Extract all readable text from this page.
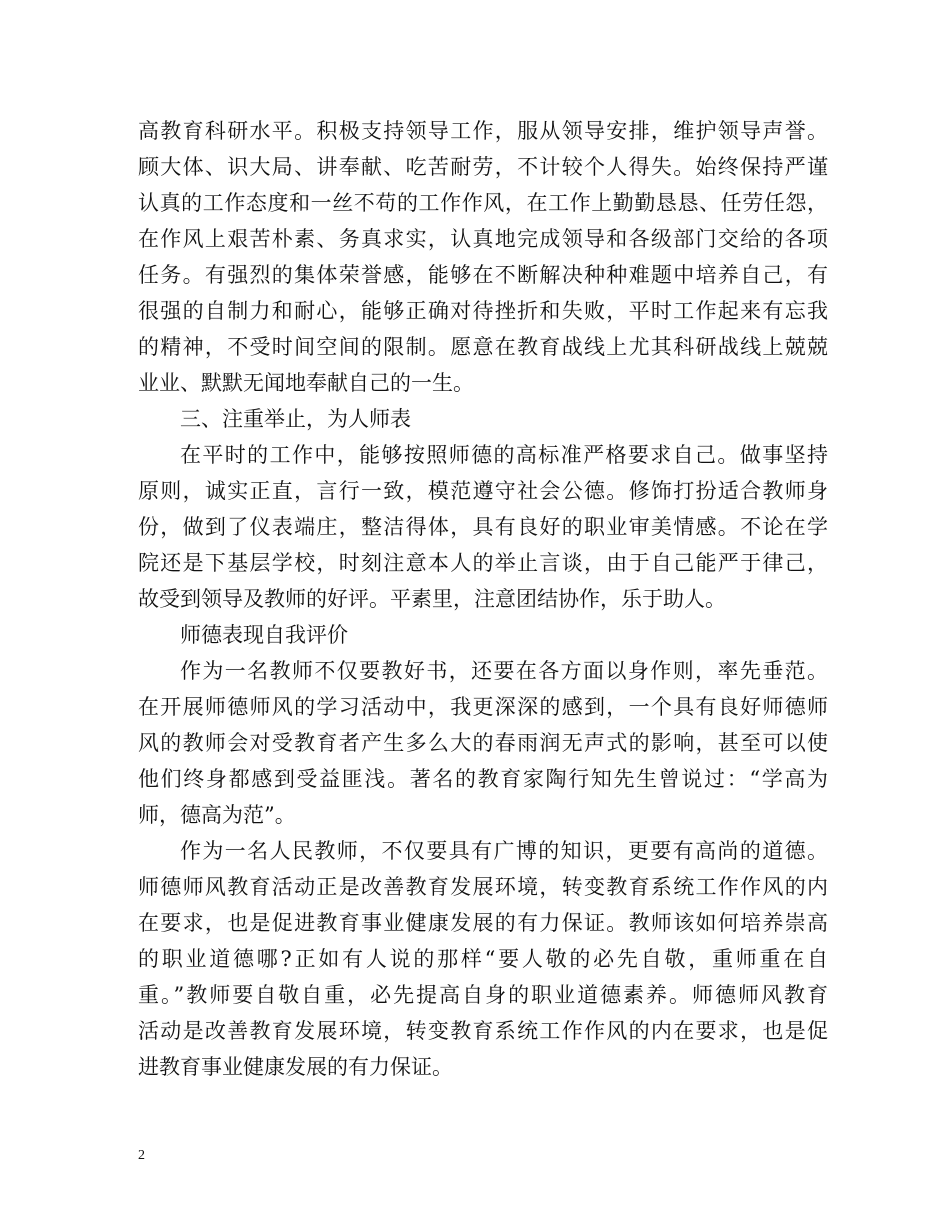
高教育科研水平。积极支持领导工作，服从领导安排，维护领导声誉。
顾大体、识大局、讲奉献、吃苦耐劳，不计较个人得失。始终保持严谨
认真的工作态度和一丝不苟的工作作风，在工作上勤勤恳恳、任劳任怨，
在作风上艰苦朴素、务真求实，认真地完成领导和各级部门交给的各项
任务。有强烈的集体荣誉感，能够在不断解决种种难题中培养自己，有
很强的自制力和耐心，能够正确对待挫折和失败，平时工作起来有忘我
的精神，不受时间空间的限制。愿意在教育战线上尤其科研战线上兢兢
业业、默默无闻地奉献自己的一生。
三、注重举止，为人师表
在平时的工作中，能够按照师德的高标准严格要求自己。做事坚持
原则，诚实正直，言行一致，模范遵守社会公德。修饰打扮适合教师身
份，做到了仪表端庄，整洁得体，具有良好的职业审美情感。不论在学
院还是下基层学校，时刻注意本人的举止言谈，由于自己能严于律己，
故受到领导及教师的好评。平素里，注意团结协作，乐于助人。
师德表现自我评价
作为一名教师不仅要教好书，还要在各方面以身作则，率先垂范。
在开展师德师风的学习活动中，我更深深的感到，一个具有良好师德师
风的教师会对受教育者产生多么大的春雨润无声式的影响，甚至可以使
他们终身都感到受益匪浅。著名的教育家陶行知先生曾说过：“学高为
师，德高为范”。
作为一名人民教师，不仅要具有广博的知识，更要有高尚的道德。
师德师风教育活动正是改善教育发展环境，转变教育系统工作作风的内
在要求，也是促进教育事业健康发展的有力保证。教师该如何培养崇高
的职业道德哪?正如有人说的那样“要人敬的必先自敬，重师重在自
重。”教师要自敬自重，必先提高自身的职业道德素养。师德师风教育
活动是改善教育发展环境，转变教育系统工作作风的内在要求，也是促
进教育事业健康发展的有力保证。
2
